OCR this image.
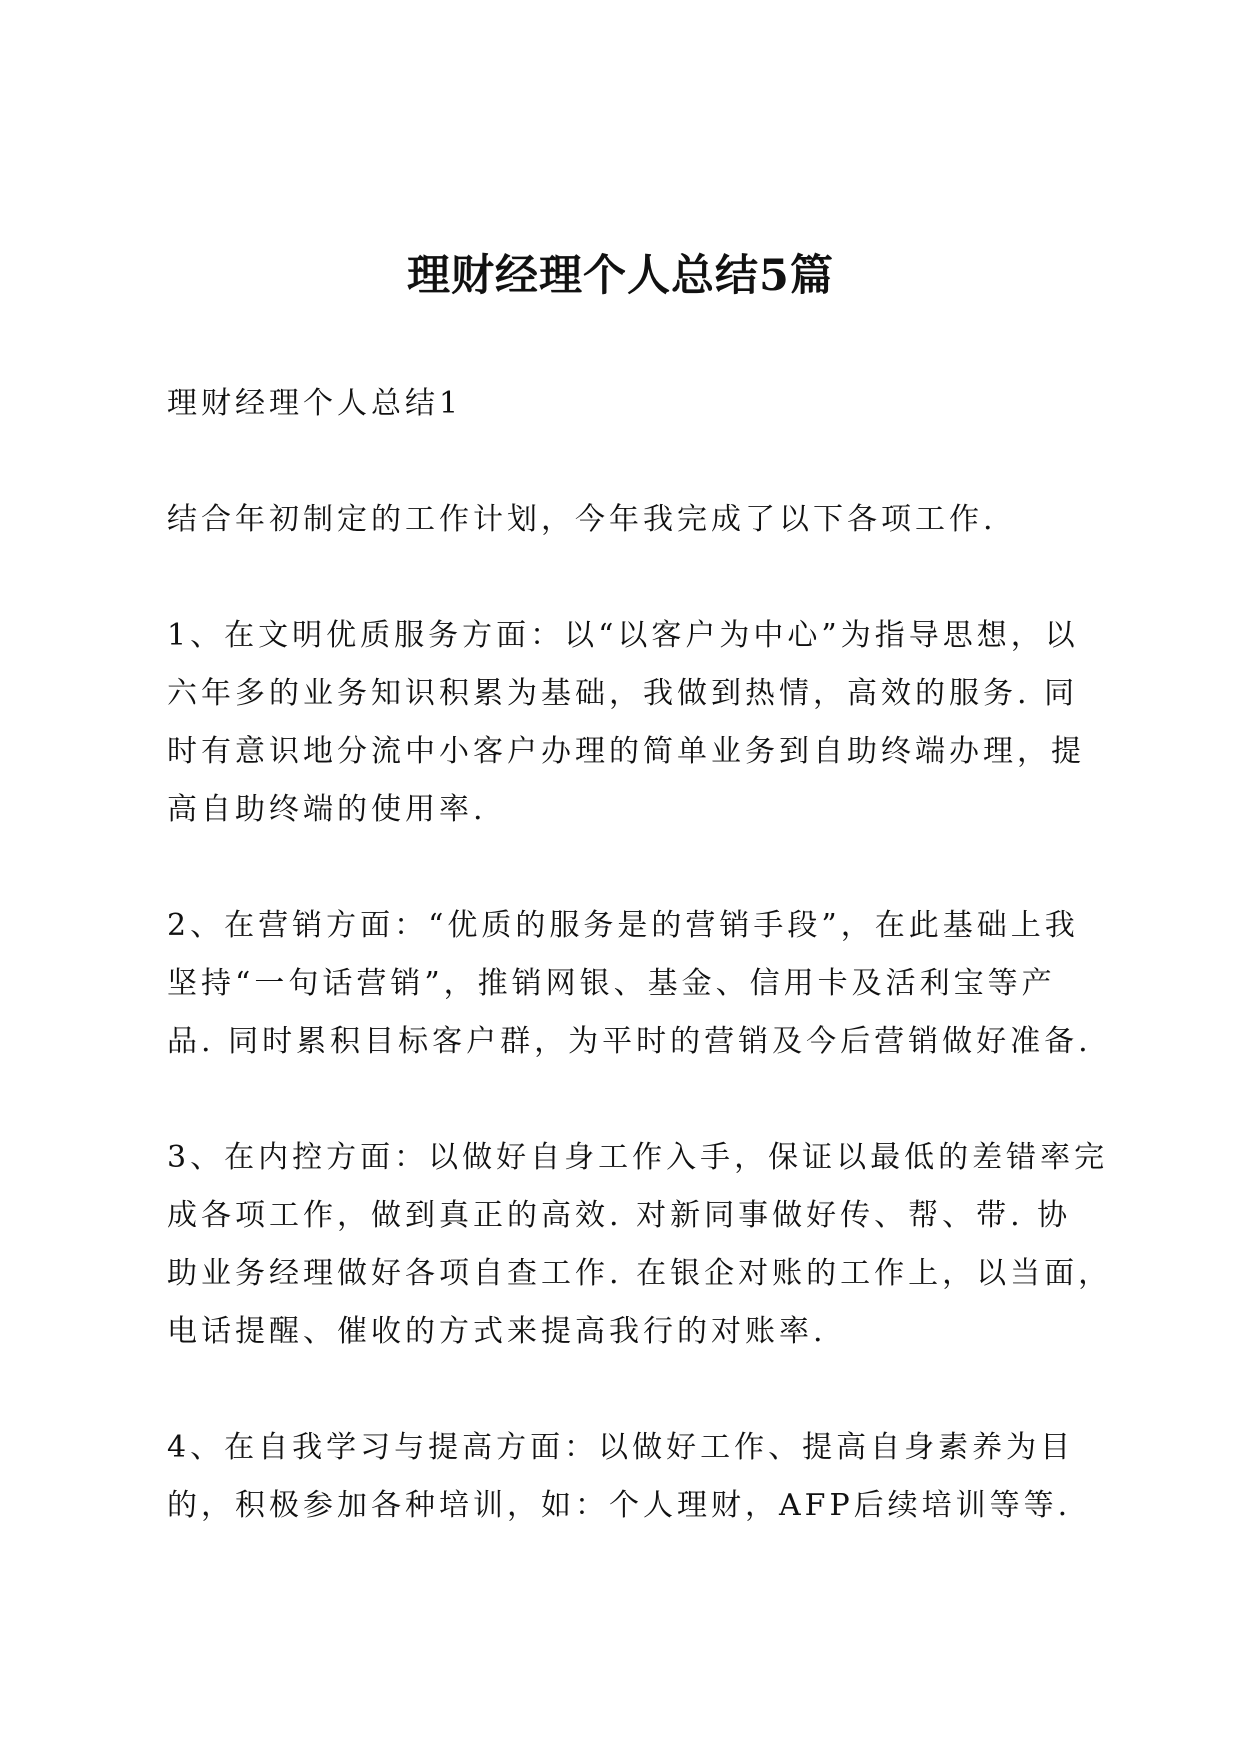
理财经理个人总结5篇

理财经理个人总结1

结合年初制定的工作计划，今年我完成了以下各项工作.

1、在文明优质服务方面：以“以客户为中心”为指导思想，以
六年多的业务知识积累为基础，我做到热情，高效的服务. 同
时有意识地分流中小客户办理的简单业务到自助终端办理，提
高自助终端的使用率.

2、在营销方面：“优质的服务是的营销手段”，在此基础上我
坚持“一句话营销”，推销网银、基金、信用卡及活利宝等产
品. 同时累积目标客户群，为平时的营销及今后营销做好准备.

3、在内控方面：以做好自身工作入手，保证以最低的差错率完
成各项工作，做到真正的高效. 对新同事做好传、帮、带. 协
助业务经理做好各项自查工作. 在银企对账的工作上，以当面，
电话提醒、催收的方式来提高我行的对账率.

4、在自我学习与提高方面：以做好工作、提高自身素养为目
的，积极参加各种培训，如：个人理财，AFP后续培训等等.
